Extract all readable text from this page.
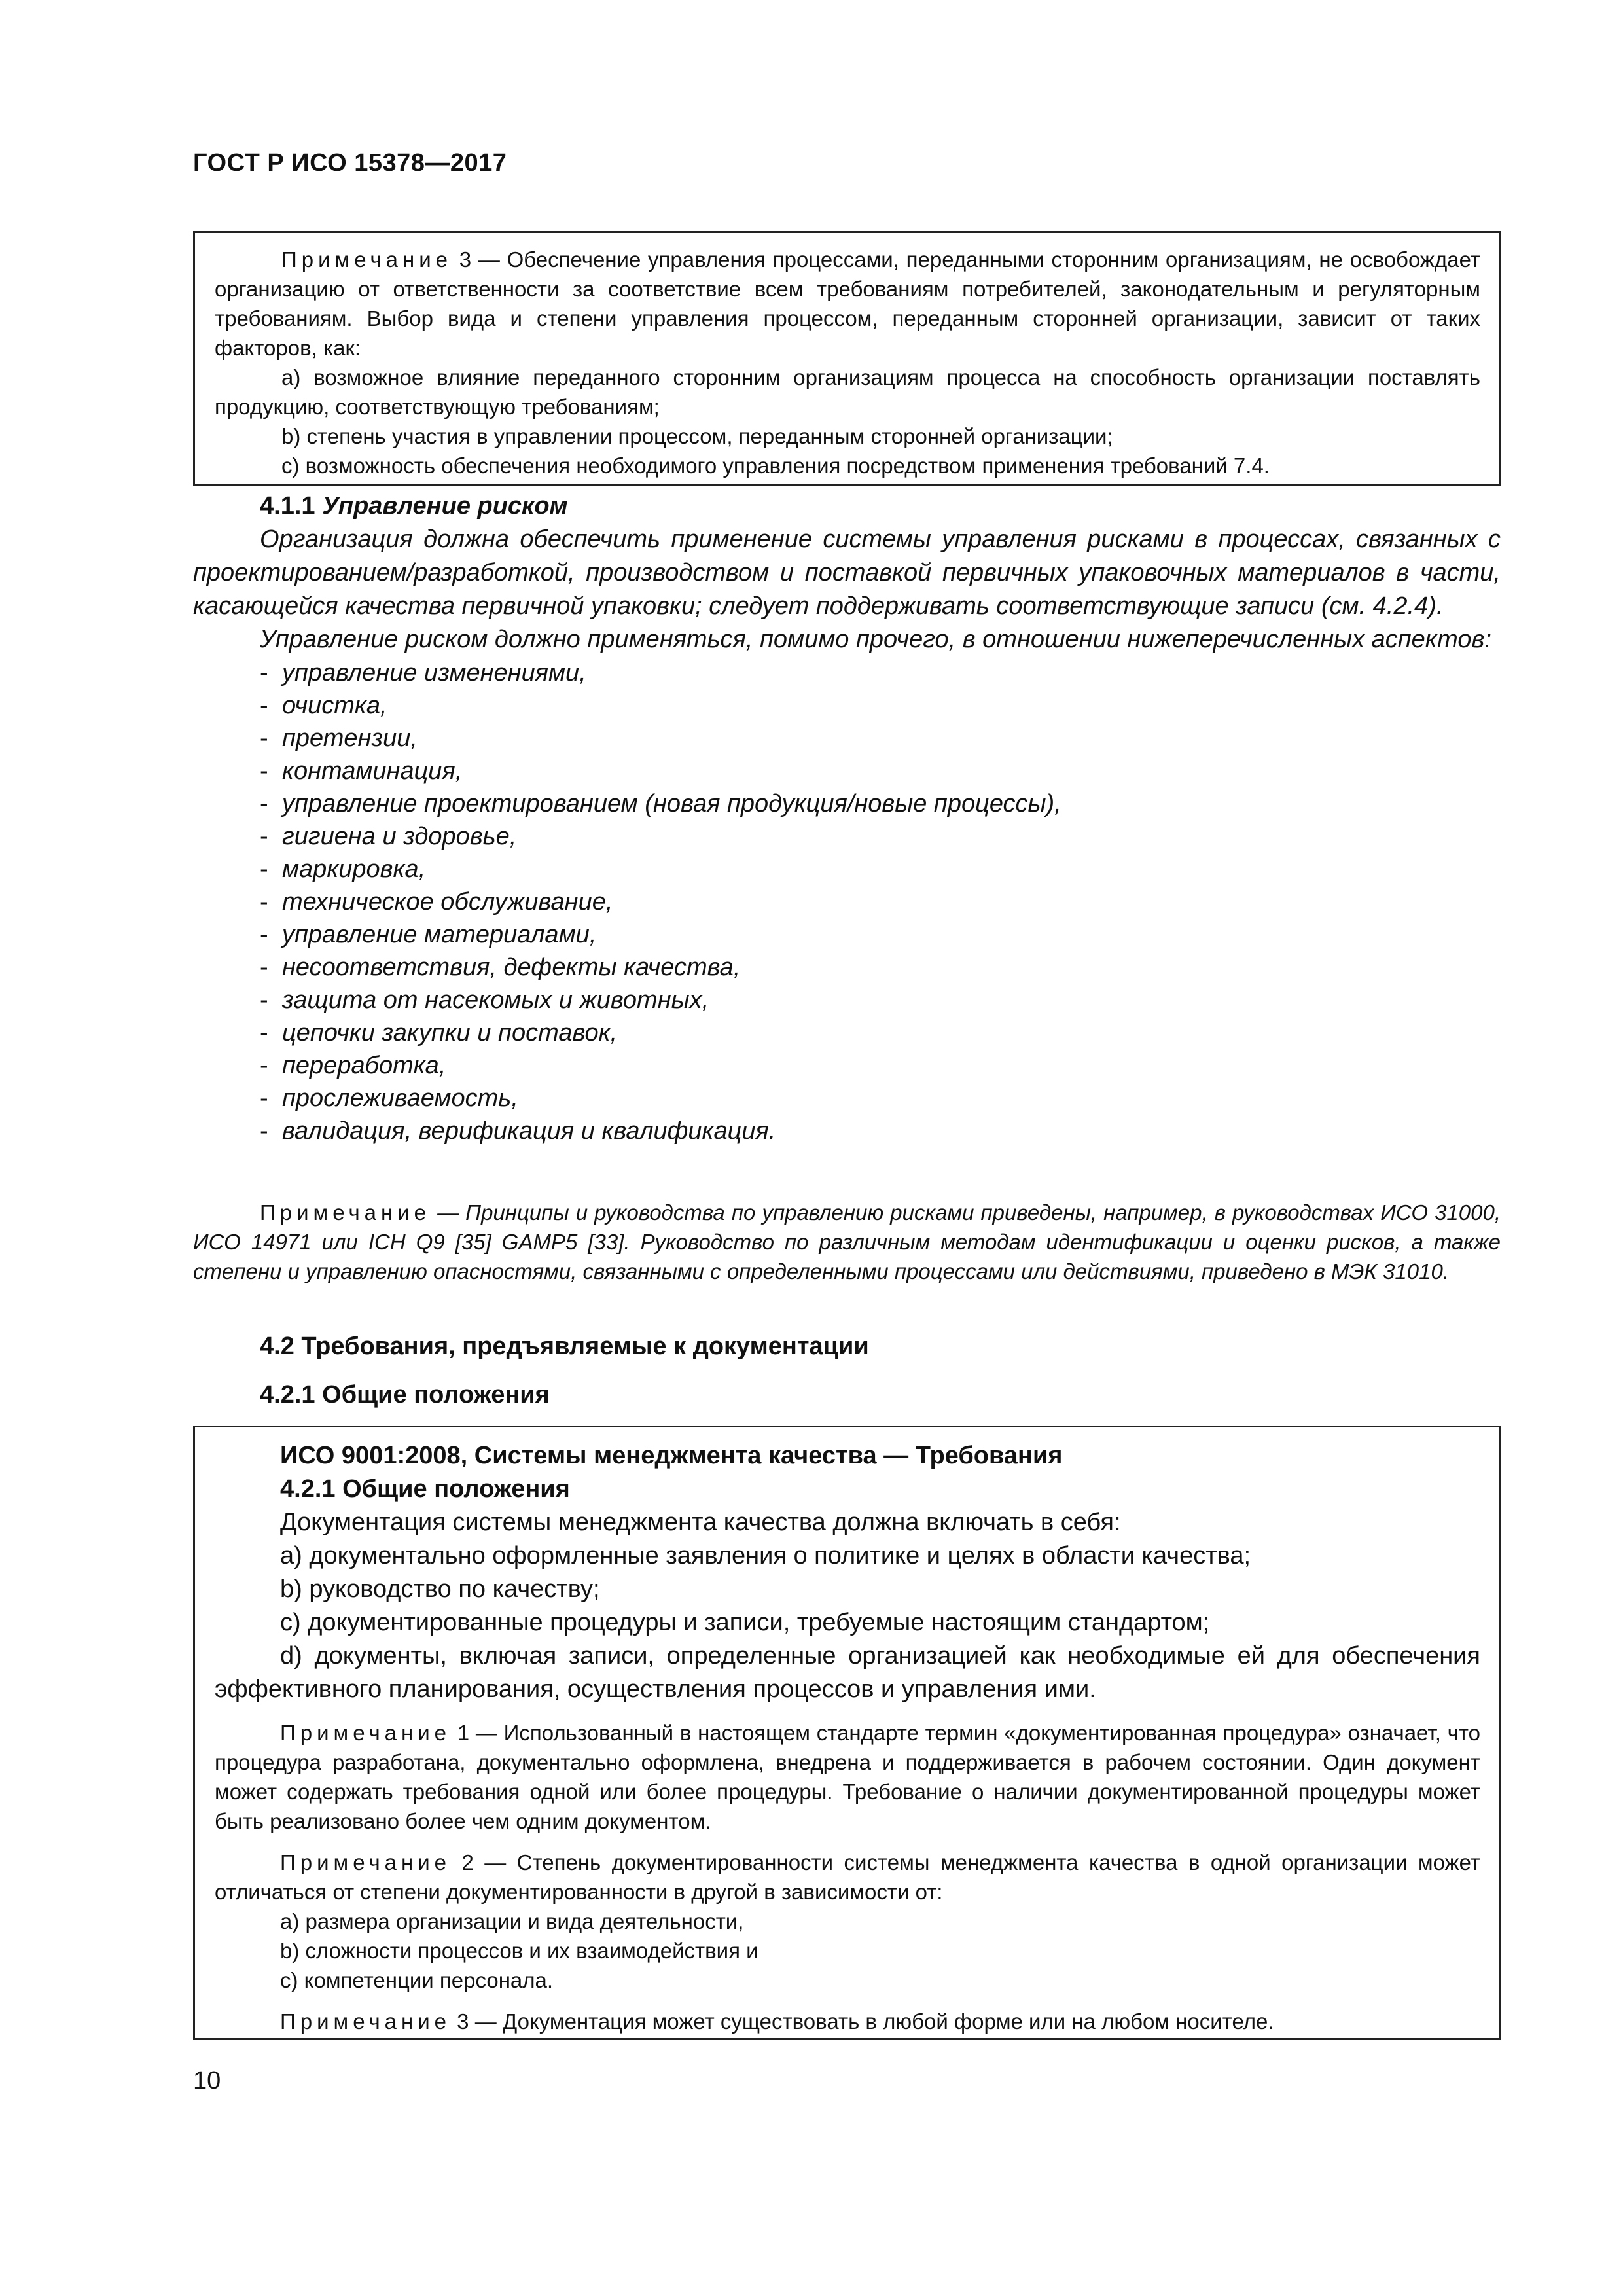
ГОСТ Р ИСО 15378—2017

Примечание 3 — Обеспечение управления процессами, переданными сторонним организациям, не освобождает организацию от ответственности за соответствие всем требованиям потребителей, законодательным и регуляторным требованиям. Выбор вида и степени управления процессом, переданным сторонней организации, зависит от таких факторов, как:

a) возможное влияние переданного сторонним организациям процесса на способность организации поставлять продукцию, соответствующую требованиям;

b) степень участия в управлении процессом, переданным сторонней организации;

c) возможность обеспечения необходимого управления посредством применения требований 7.4.

4.1.1 Управление риском

Организация должна обеспечить применение системы управления рисками в процессах, связанных с проектированием/разработкой, производством и поставкой первичных упаковочных материалов в части, касающейся качества первичной упаковки; следует поддерживать соответствующие записи (см. 4.2.4).

Управление риском должно применяться, помимо прочего, в отношении нижеперечисленных аспектов:

- управление изменениями,
- очистка,
- претензии,
- контаминация,
- управление проектированием (новая продукция/новые процессы),
- гигиена и здоровье,
- маркировка,
- техническое обслуживание,
- управление материалами,
- несоответствия, дефекты качества,
- защита от насекомых и животных,
- цепочки закупки и поставок,
- переработка,
- прослеживаемость,
- валидация, верификация и квалификация.

Примечание — Принципы и руководства по управлению рисками приведены, например, в руководствах ИСО 31000, ИСО 14971 или ICH Q9 [35] GAMP5 [33]. Руководство по различным методам идентификации и оценки рисков, а также степени и управлению опасностями, связанными с определенными процессами или действиями, приведено в МЭК 31010.

4.2 Требования, предъявляемые к документации
4.2.1 Общие положения

ИСО 9001:2008, Системы менеджмента качества — Требования

4.2.1 Общие положения

Документация системы менеджмента качества должна включать в себя:

a) документально оформленные заявления о политике и целях в области качества;

b) руководство по качеству;

c) документированные процедуры и записи, требуемые настоящим стандартом;

d) документы, включая записи, определенные организацией как необходимые ей для обеспечения эффективного планирования, осуществления процессов и управления ими.

Примечание 1 — Использованный в настоящем стандарте термин «документированная процедура» означает, что процедура разработана, документально оформлена, внедрена и поддерживается в рабочем состоянии. Один документ может содержать требования одной или более процедуры. Требование о наличии документированной процедуры может быть реализовано более чем одним документом.

Примечание 2 — Степень документированности системы менеджмента качества в одной организации может отличаться от степени документированности в другой в зависимости от:

a) размера организации и вида деятельности,

b) сложности процессов и их взаимодействия и

c) компетенции персонала.

Примечание 3 — Документация может существовать в любой форме или на любом носителе.

10
